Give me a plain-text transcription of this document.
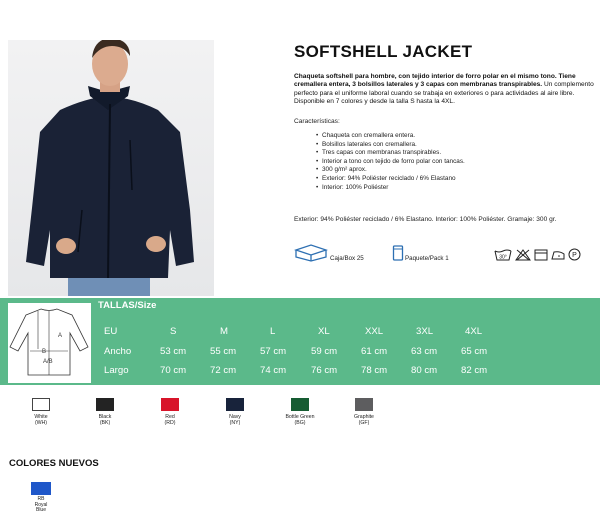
SOFTSHELL JACKET
Chaqueta softshell para hombre, con tejido interior de forro polar en el mismo tono. Tiene cremallera entera, 3 bolsillos laterales y 3 capas con membranas transpirables. Un complemento perfecto para el uniforme laboral cuando se trabaja en exteriores o para actividades al aire libre. Disponible en 7 colores y desde la talla S hasta la 4XL.
Características:
• Chaqueta con cremallera entera.
• Bolsillos laterales con cremallera.
• Tres capas con membranas transpirables.
• Interior a tono con tejido de forro polar con tancas.
• 300 g/m² aprox.
• Exterior: 94% Poliéster reciclado / 6% Elastano
• Interior: 100% Poliéster
Exterior: 94% Poliéster reciclado / 6% Elastano. Interior: 100% Poliéster. Gramaje: 300 gr.
Caja/Box 25	Paquete/Pack 1	30°	P
A
B
A/B
TALLAS/Size
EU	S	M	L	XL	XXL	3XL	4XL
Ancho	53 cm 55 cm 57 cm	59 cm 61 cm 63 cm 65 cm
Largo	70 cm 72 cm 74 cm	76 cm 78 cm 80 cm 82 cm
White
(WH)
Black
(BK)
Red
(RD)
Navy
(NY)
Bottle Green
(BG)
Graphite
(GF)
COLORES NUEVOS
RB
Royal Blue
